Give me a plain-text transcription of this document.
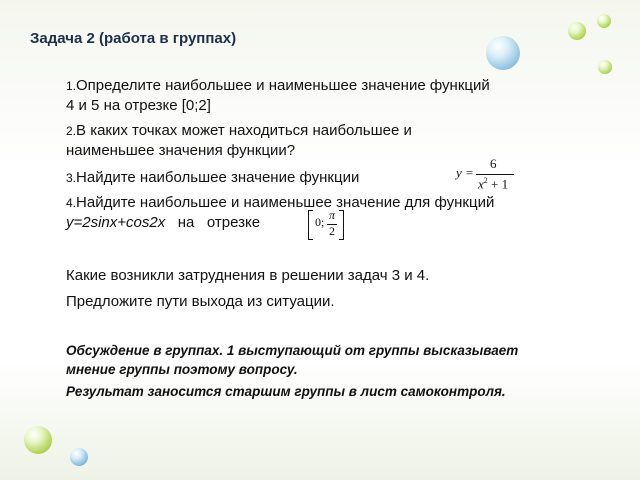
Задача 2 (работа в группах)
1.Определите наибольшее и наименьшее значение функций
4 и 5 на отрезке [0;2]
2.В каких точках может находиться наибольшее и
наименьшее значения функции?
3.Найдите наибольшее значение функции	y =
6
$x^2 + 1$
4.Найдите наибольшее и наименьшее значение для функций
y=2sinx+cos2x на   отрезке	0; π
2
Какие возникли затруднения в решении задач 3 и 4.
Предложите пути выхода из ситуации.
Обсуждение в группах. 1 выступающий от группы высказывает
мнение группы поэтому вопросу.
Результат заносится старшим группы в лист самоконтроля.
